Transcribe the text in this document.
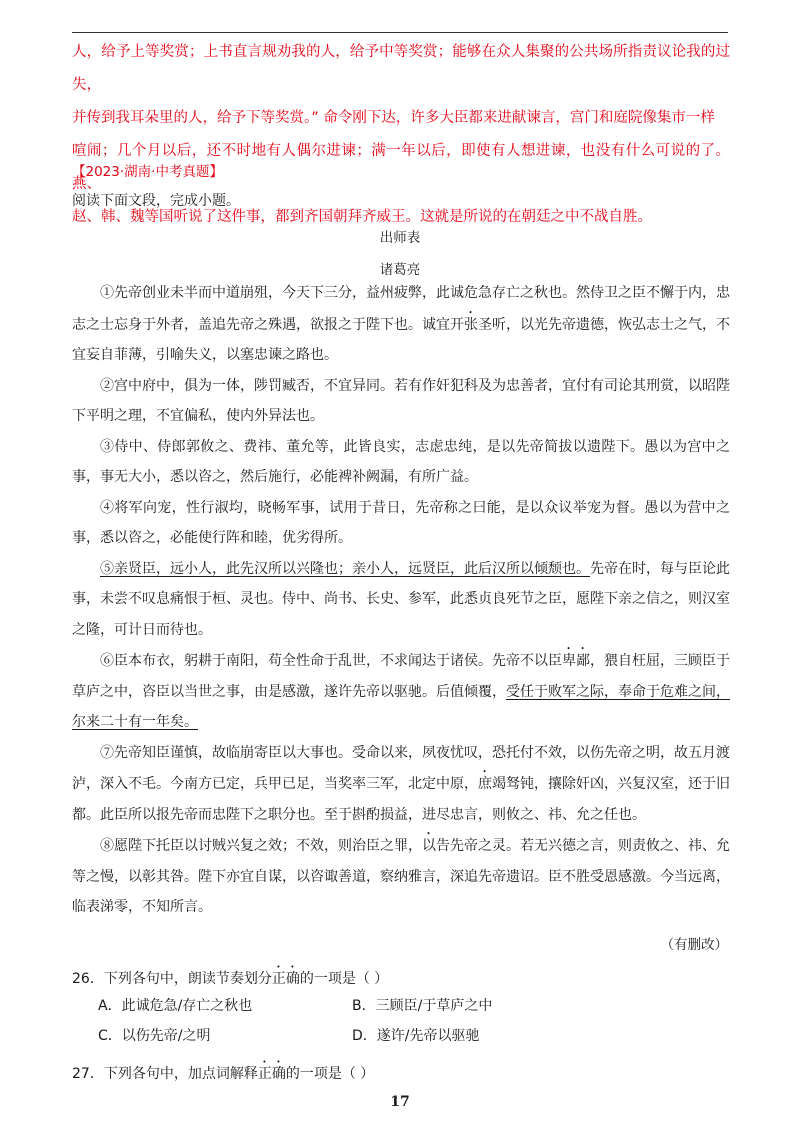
人，给予上等奖赏；上书直言规劝我的人，给予中等奖赏；能够在众人集聚的公共场所指责议论我的过失，

并传到我耳朵里的人，给予下等奖赏。” 命令刚下达，许多大臣都来进献谏言，宫门和庭院像集市一样

喧闹；几个月以后，还不时地有人偶尔进谏；满一年以后，即使有人想进谏，也没有什么可说的了。燕、

赵、韩、魏等国听说了这件事，都到齐国朝拜齐威王。这就是所说的在朝廷之中不战自胜。

【2023·湖南·中考真题】
阅读下面文段，完成小题。
出师表
诸葛亮

①先帝创业未半而中道崩殂，今天下三分，益州疲弊，此诚危急存亡之秋也。然侍卫之臣不懈于内，忠志之士忘身于外者，盖追先帝之殊遇，欲报之于陛下也。诚宜开张圣听，以光先帝遗德，恢弘志士之气，不宜妄自菲薄，引喻失义，以塞忠谏之路也。

②宫中府中，俱为一体，陟罚臧否，不宜异同。若有作奸犯科及为忠善者，宜付有司论其刑赏，以昭陛下平明之理，不宜偏私，使内外异法也。

③侍中、侍郎郭攸之、费祎、董允等，此皆良实，志虑忠纯，是以先帝简拔以遗陛下。愚以为宫中之事，事无大小，悉以咨之，然后施行，必能裨补阙漏，有所广益。

④将军向宠，性行淑均，晓畅军事，试用于昔日，先帝称之曰能，是以众议举宠为督。愚以为营中之事，悉以咨之，必能使行阵和睦，优劣得所。

⑤亲贤臣，远小人，此先汉所以兴隆也；亲小人，远贤臣，此后汉所以倾颓也。先帝在时，每与臣论此事，未尝不叹息痛恨于桓、灵也。侍中、尚书、长史、参军，此悉贞良死节之臣，愿陛下亲之信之，则汉室之隆，可计日而待也。

⑥臣本布衣，躬耕于南阳，苟全性命于乱世，不求闻达于诸侯。先帝不以臣卑鄙，猥自枉屈，三顾臣于草庐之中，咨臣以当世之事，由是感激，遂许先帝以驱驰。后值倾覆，受任于败军之际，奉命于危难之间，尔来二十有一年矣。

⑦先帝知臣谨慎，故临崩寄臣以大事也。受命以来，夙夜忧叹，恐托付不效，以伤先帝之明，故五月渡泸，深入不毛。今南方已定，兵甲已足，当奖率三军，北定中原，庶竭驽钝，攘除奸凶，兴复汉室，还于旧都。此臣所以报先帝而忠陛下之职分也。至于斟酌损益，进尽忠言，则攸之、祎、允之任也。

⑧愿陛下托臣以讨贼兴复之效；不效，则治臣之罪，以告先帝之灵。若无兴德之言，则责攸之、祎、允等之慢，以彰其咎。陛下亦宜自谋，以咨诹善道，察纳雅言，深追先帝遗诏。臣不胜受恩感激。今当远离，临表涕零，不知所言。

（有删改）
26．下列各句中，朗读节奏划分正确的一项是（ ）
A．此诚危急/存亡之秋也	B．三顾臣/于草庐之中
C．以伤先帝/之明	D．遂许/先帝以驱驰
27．下列各句中，加点词解释正确的一项是（ ）
17
